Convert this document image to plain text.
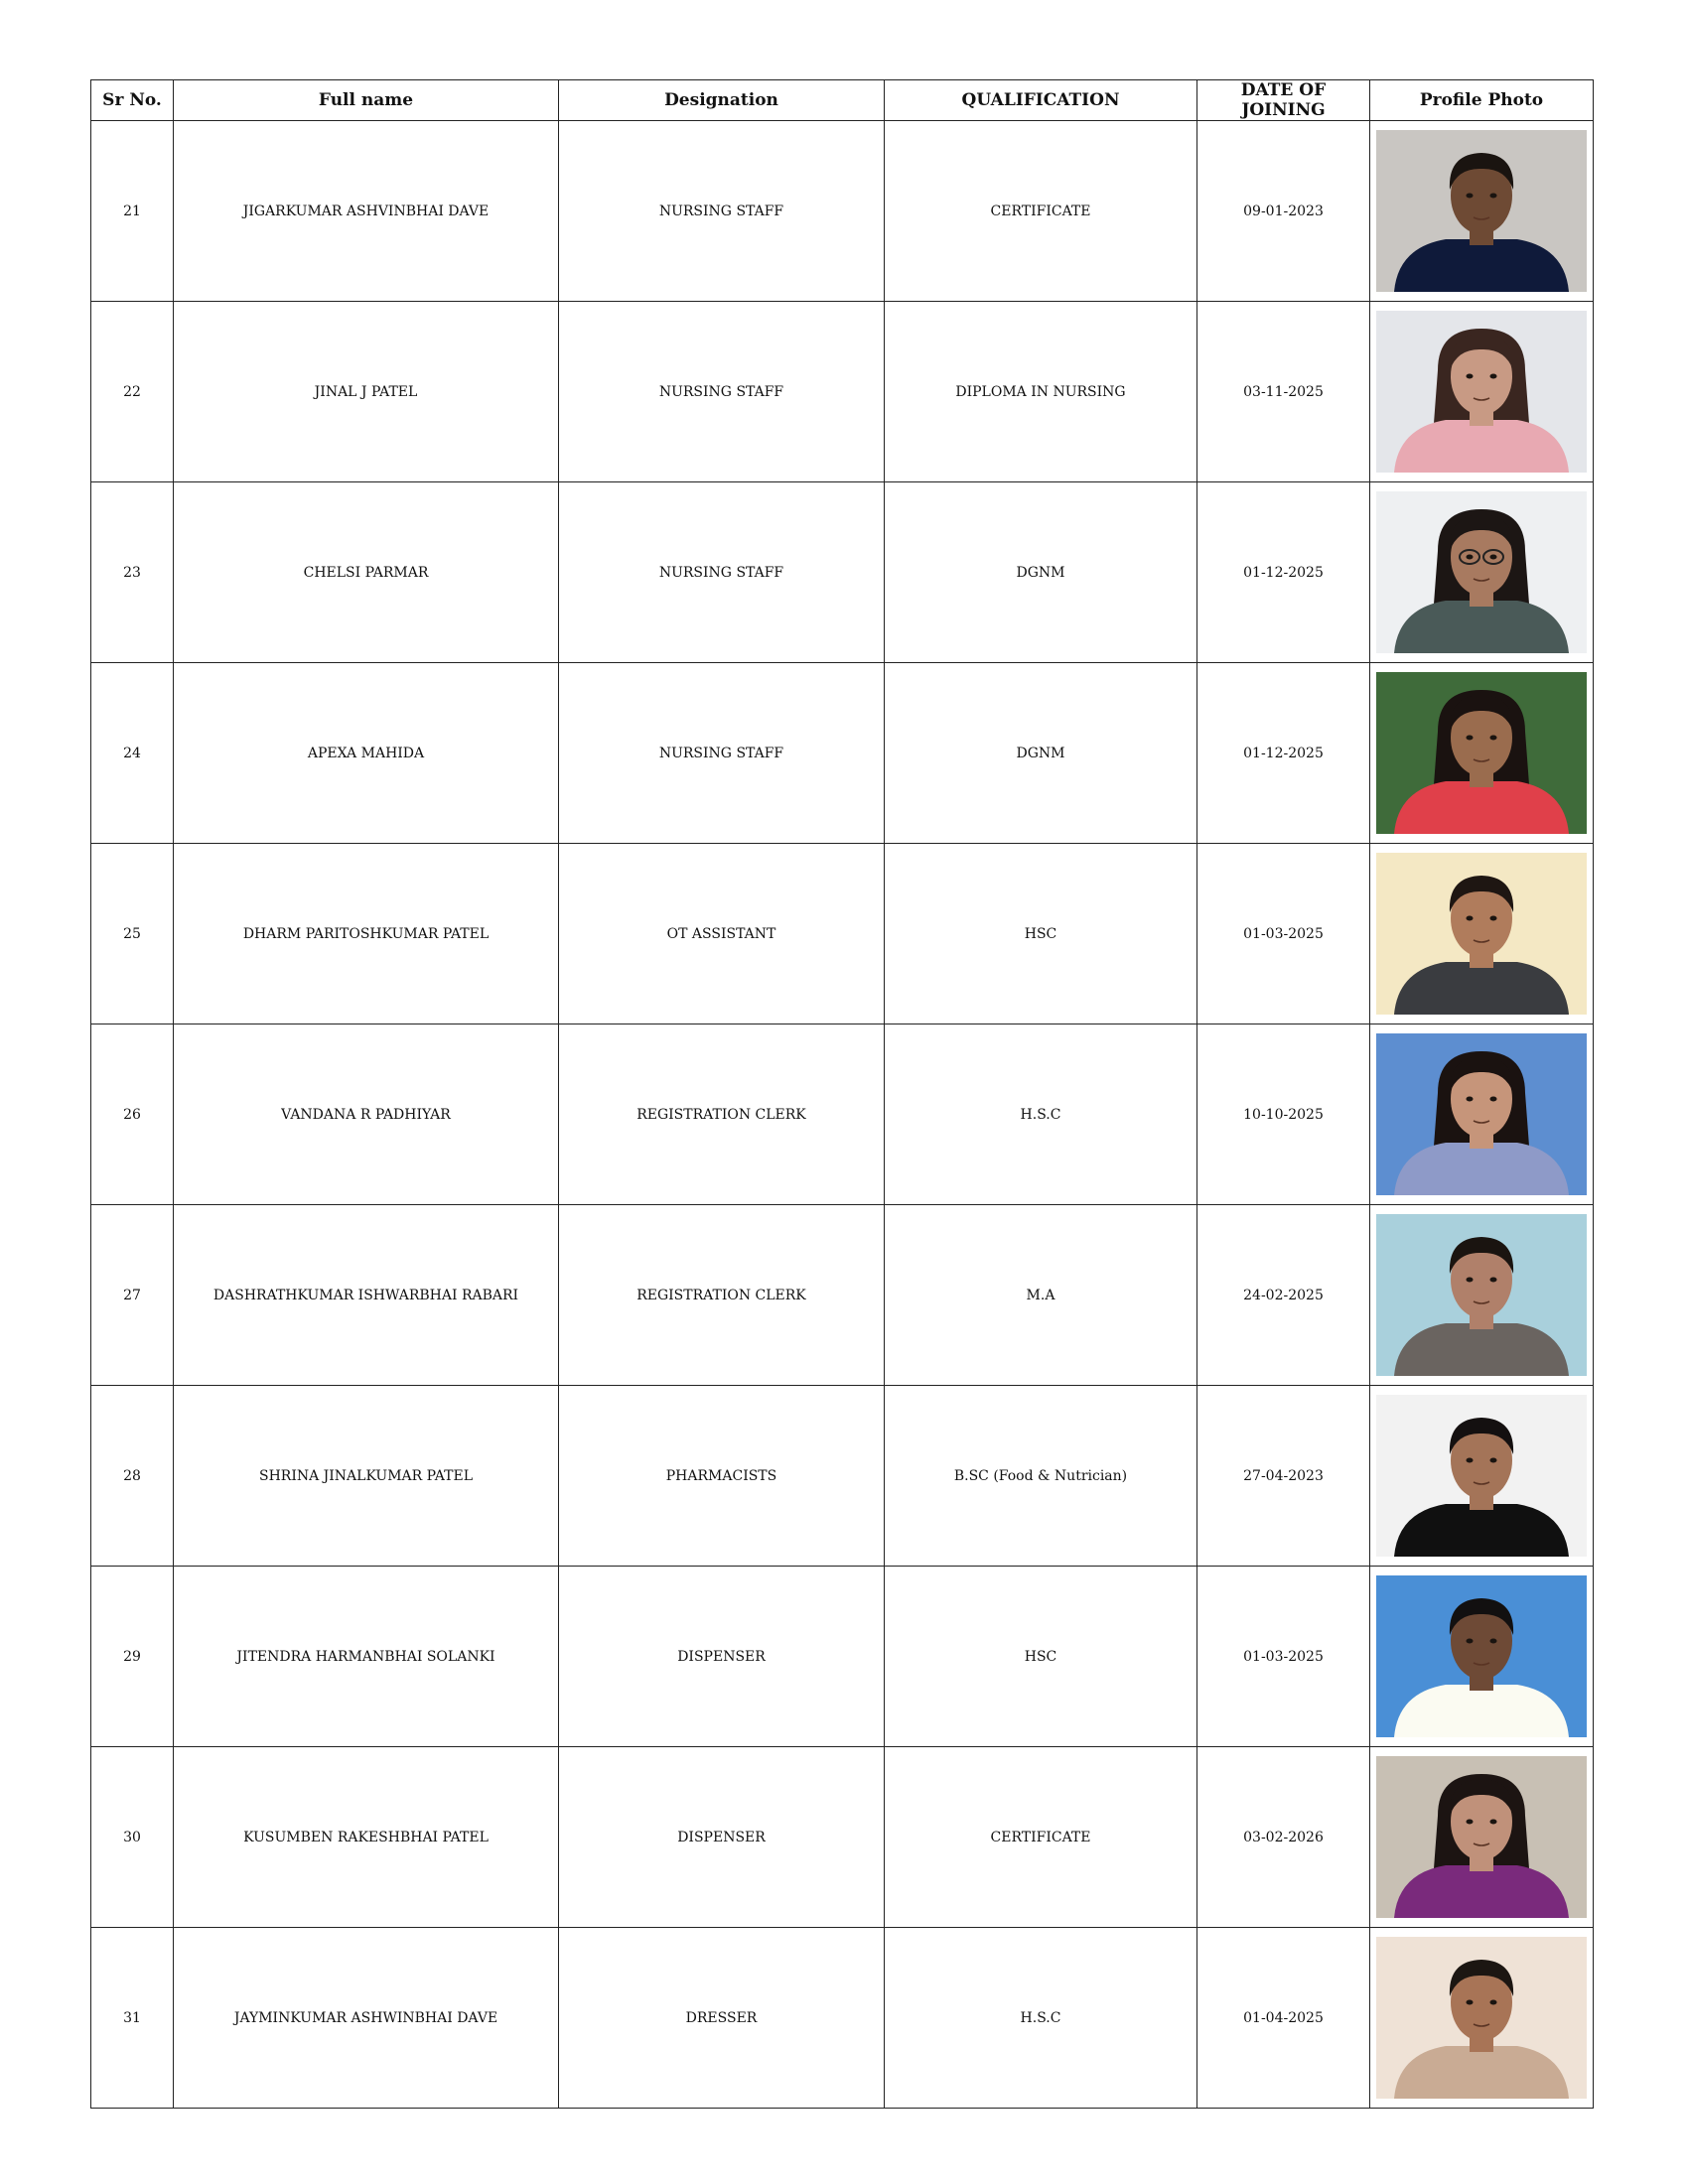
Sr No.	Full name	Designation	QUALIFICATION	DATE OF JOINING	Profile Photo
21	JIGARKUMAR ASHVINBHAI DAVE	NURSING STAFF	CERTIFICATE	09-01-2023	

22	JINAL J PATEL	NURSING STAFF	DIPLOMA IN NURSING	03-11-2025	

23	CHELSI PARMAR	NURSING STAFF	DGNM	01-12-2025	

24	APEXA MAHIDA	NURSING STAFF	DGNM	01-12-2025	

25	DHARM PARITOSHKUMAR PATEL	OT ASSISTANT	HSC	01-03-2025	

26	VANDANA R PADHIYAR	REGISTRATION CLERK	H.S.C	10-10-2025	

27	DASHRATHKUMAR ISHWARBHAI RABARI	REGISTRATION CLERK	M.A	24-02-2025	

28	SHRINA JINALKUMAR PATEL	PHARMACISTS	B.SC (Food & Nutrician)	27-04-2023	

29	JITENDRA HARMANBHAI SOLANKI	DISPENSER	HSC	01-03-2025	

30	KUSUMBEN RAKESHBHAI PATEL	DISPENSER	CERTIFICATE	03-02-2026	

31	JAYMINKUMAR ASHWINBHAI DAVE	DRESSER	H.S.C	01-04-2025	
